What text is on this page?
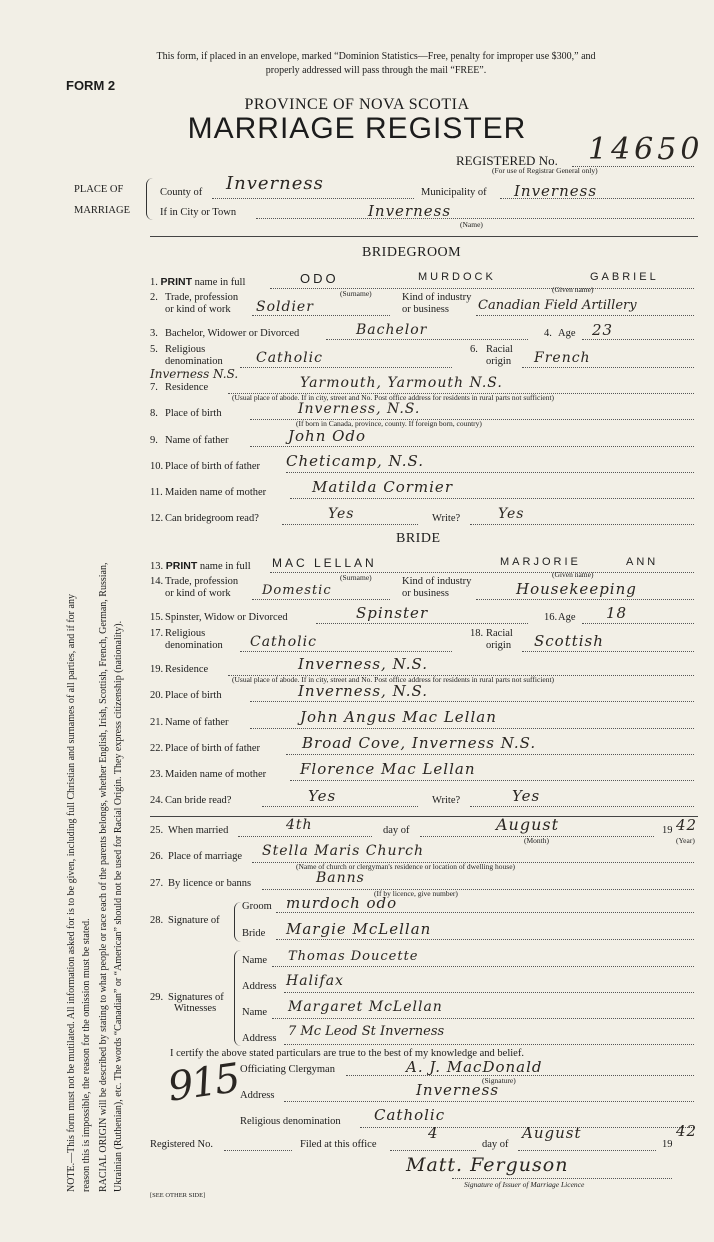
This form, if placed in an envelope, marked “Dominion Statistics—Free, penalty for improper use $300,” and
properly addressed will pass through the mail “FREE”.
FORM 2
PROVINCE OF NOVA SCOTIA
MARRIAGE REGISTER
REGISTERED No. 14650
(For use of Registrar General only)
PLACE OF
MARRIAGE
County of Inverness	Municipality of Inverness
If in City or Town	Inverness
(Name)
BRIDEGROOM
1. PRINT name in full	ODO	MURDOCK	GABRIEL
(Surname)	(Given name)
2. Trade, profession
or kind of work Soldier
Kind of industry
or business Canadian Field Artillery
3. Bachelor, Widower or Divorced	Bachelor	4. Age 23
5. Religious
denomination Catholic
6. Racial
origin French
Inverness N.S.
7. Residence	Yarmouth, Yarmouth N.S.
(Usual place of abode. If in city, street and No. Post office address for residents in rural parts not sufficient)
8. Place of birth	Inverness, N.S.
(If born in Canada, province, county. If foreign born, country)
9. Name of father	John Odo
10. Place of birth of father Cheticamp, N.S.
11. Maiden name of mother	Matilda Cormier
12. Can bridegroom read?	Yes	Write?	Yes
BRIDE
13. PRINT name in full MAC LELLAN	MARJORIE	ANN
(Surname)	(Given name)
14. Trade, profession
or kind of work Domestic
Kind of industry
or business	Housekeeping
15. Spinster, Widow or Divorced	Spinster	16. Age 18
17. Religious
denomination Catholic
18. Racial
origin Scottish
19. Residence	Inverness, N.S.
(Usual place of abode. If in city, street and No. Post office address for residents in rural parts not sufficient)
20. Place of birth	Inverness, N.S.
21. Name of father	John Angus Mac Lellan
22. Place of birth of father	Broad Cove, Inverness N.S.
23. Maiden name of mother Florence Mac Lellan
24. Can bride read?	Yes	Write?	Yes
25. When married	4th	day of	August
(Month)
19 42
(Year)
26. Place of marriage Stella Maris Church
(Name of church or clergyman's residence or location of dwelling house)
27. By licence or banns	Banns
(If by licence, give number)
28. Signature of
Groom murdoch odo
Bride Margie McLellan
29. Signatures of
Witnesses
Name Thomas Doucette
Address Halifax
Name Margaret McLellan
Address 7 Mc Leod St Inverness
I certify the above stated particulars are true to the best of my knowledge and belief.
Officiating Clergyman	A. J. MacDonald
(Signature)
Address	Inverness
Religious denomination Catholic
Registered No.	Filed at this office
4
day of
August
19
42
Matt. Ferguson
Signature of Issuer of Marriage Licence
915
[SEE OTHER SIDE]
NOTE.—This form must not be mutilated. All information asked for is to be given, including full Christian and surnames of all parties, and if for any reason this is impossible, the reason for the omission must be stated. RACIAL ORIGIN will be described by stating to what people or race each of the parents belongs, whether English, Irish, Scottish, French, German, Russian, Ukrainian (Ruthenian), etc. The words “Canadian” or “American” should not be used for Racial Origin. They express citizenship (nationality).
